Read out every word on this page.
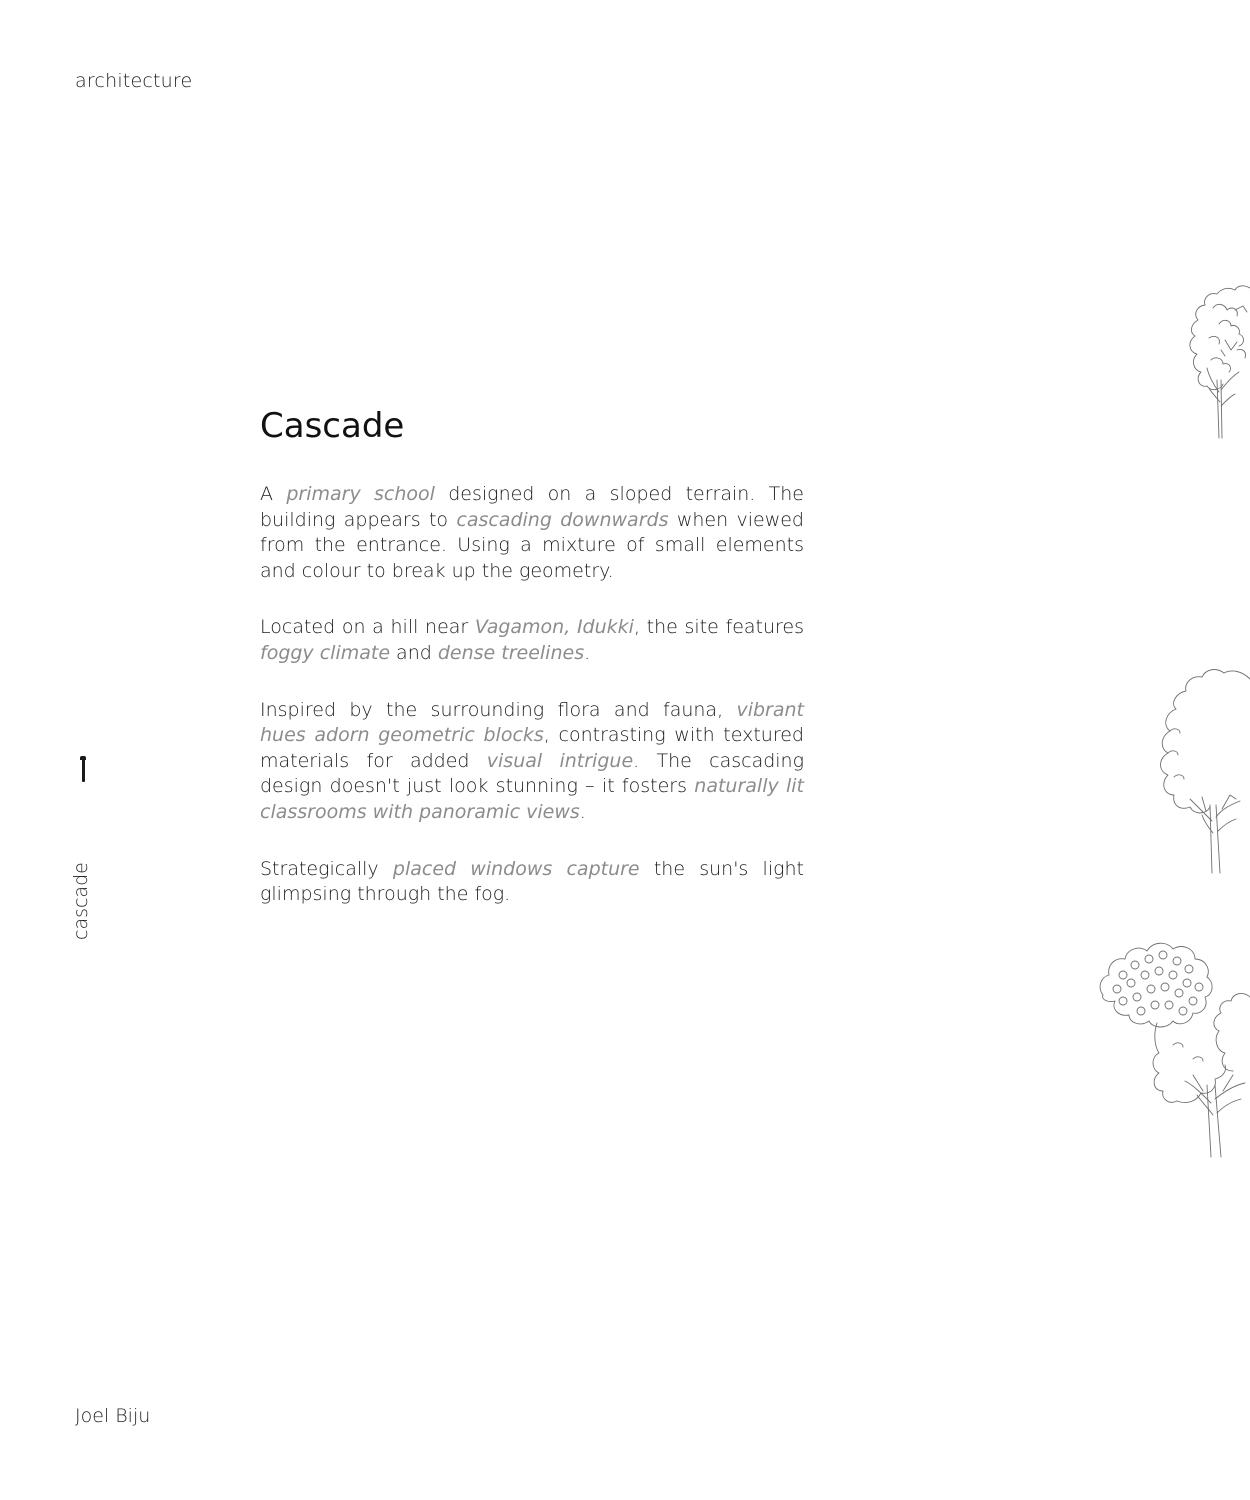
architecture
Cascade

A primary school designed on a sloped terrain. The building appears to cascading downwards when viewed from the entrance. Using a mixture of small elements and colour to break up the geometry.

Located on a hill near Vagamon, Idukki, the site features foggy climate and dense treelines.

Inspired by the surrounding flora and fauna, vibrant hues adorn geometric blocks, contrasting with textured materials for added visual intrigue. The cascading design doesn't just look stunning – it fosters naturally lit classrooms with panoramic views.

Strategically placed windows capture the sun's light glimpsing through the fog.

cascade
Joel Biju
